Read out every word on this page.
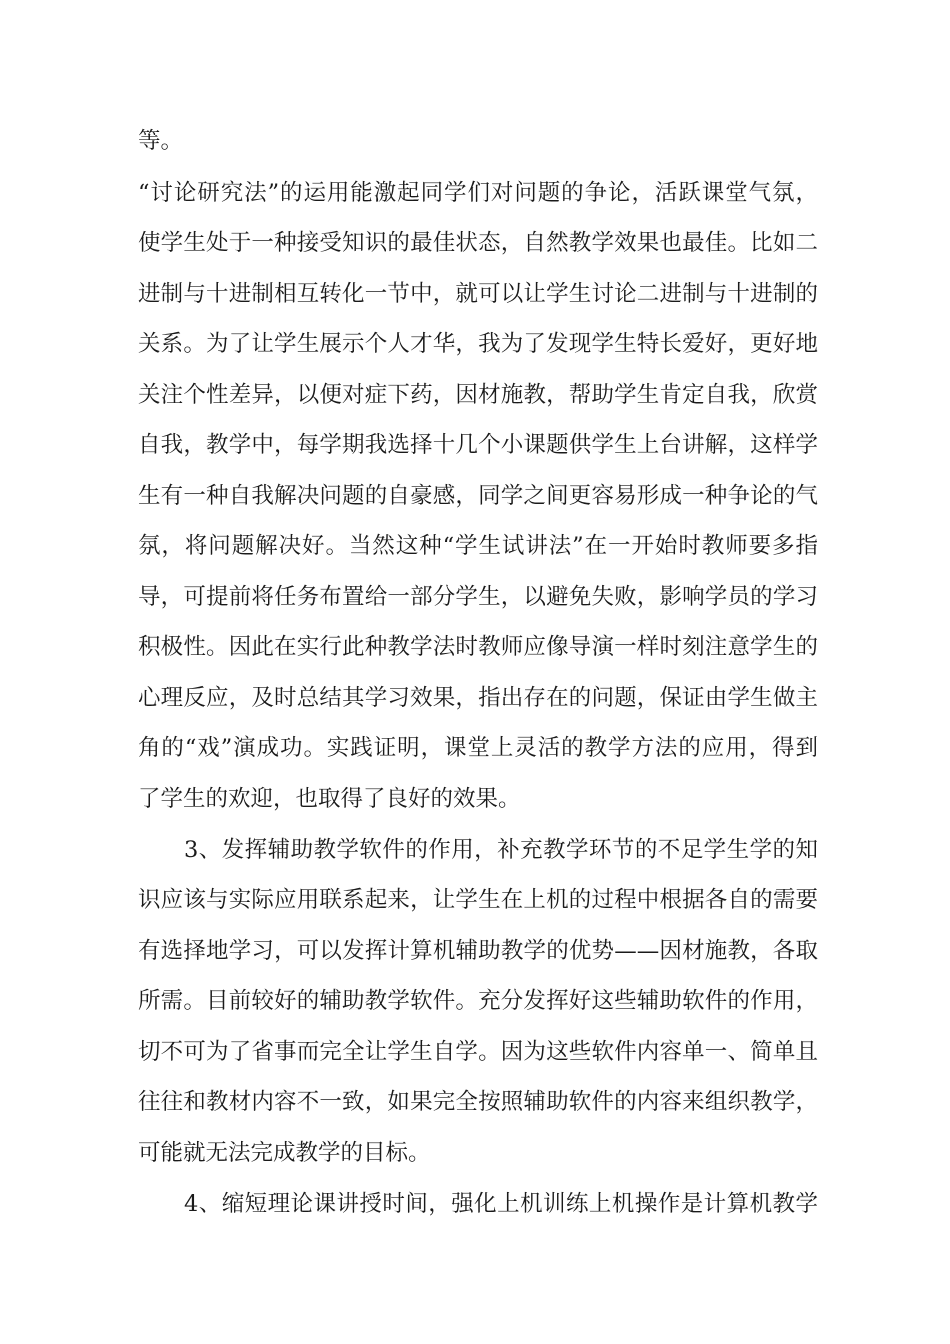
等。
“讨论研究法”的运用能激起同学们对问题的争论，活跃课堂气氛，
使学生处于一种接受知识的最佳状态，自然教学效果也最佳。比如二
进制与十进制相互转化一节中，就可以让学生讨论二进制与十进制的
关系。为了让学生展示个人才华，我为了发现学生特长爱好，更好地
关注个性差异，以便对症下药，因材施教，帮助学生肯定自我，欣赏
自我，教学中，每学期我选择十几个小课题供学生上台讲解，这样学
生有一种自我解决问题的自豪感，同学之间更容易形成一种争论的气
氛，将问题解决好。当然这种“学生试讲法”在一开始时教师要多指
导，可提前将任务布置给一部分学生，以避免失败，影响学员的学习
积极性。因此在实行此种教学法时教师应像导演一样时刻注意学生的
心理反应，及时总结其学习效果，指出存在的问题，保证由学生做主
角的“戏”演成功。实践证明，课堂上灵活的教学方法的应用，得到
了学生的欢迎，也取得了良好的效果。
3、发挥辅助教学软件的作用，补充教学环节的不足学生学的知
识应该与实际应用联系起来，让学生在上机的过程中根据各自的需要
有选择地学习，可以发挥计算机辅助教学的优势——因材施教，各取
所需。目前较好的辅助教学软件。充分发挥好这些辅助软件的作用，
切不可为了省事而完全让学生自学。因为这些软件内容单一、简单且
往往和教材内容不一致，如果完全按照辅助软件的内容来组织教学，
可能就无法完成教学的目标。
4、缩短理论课讲授时间，强化上机训练上机操作是计算机教学
